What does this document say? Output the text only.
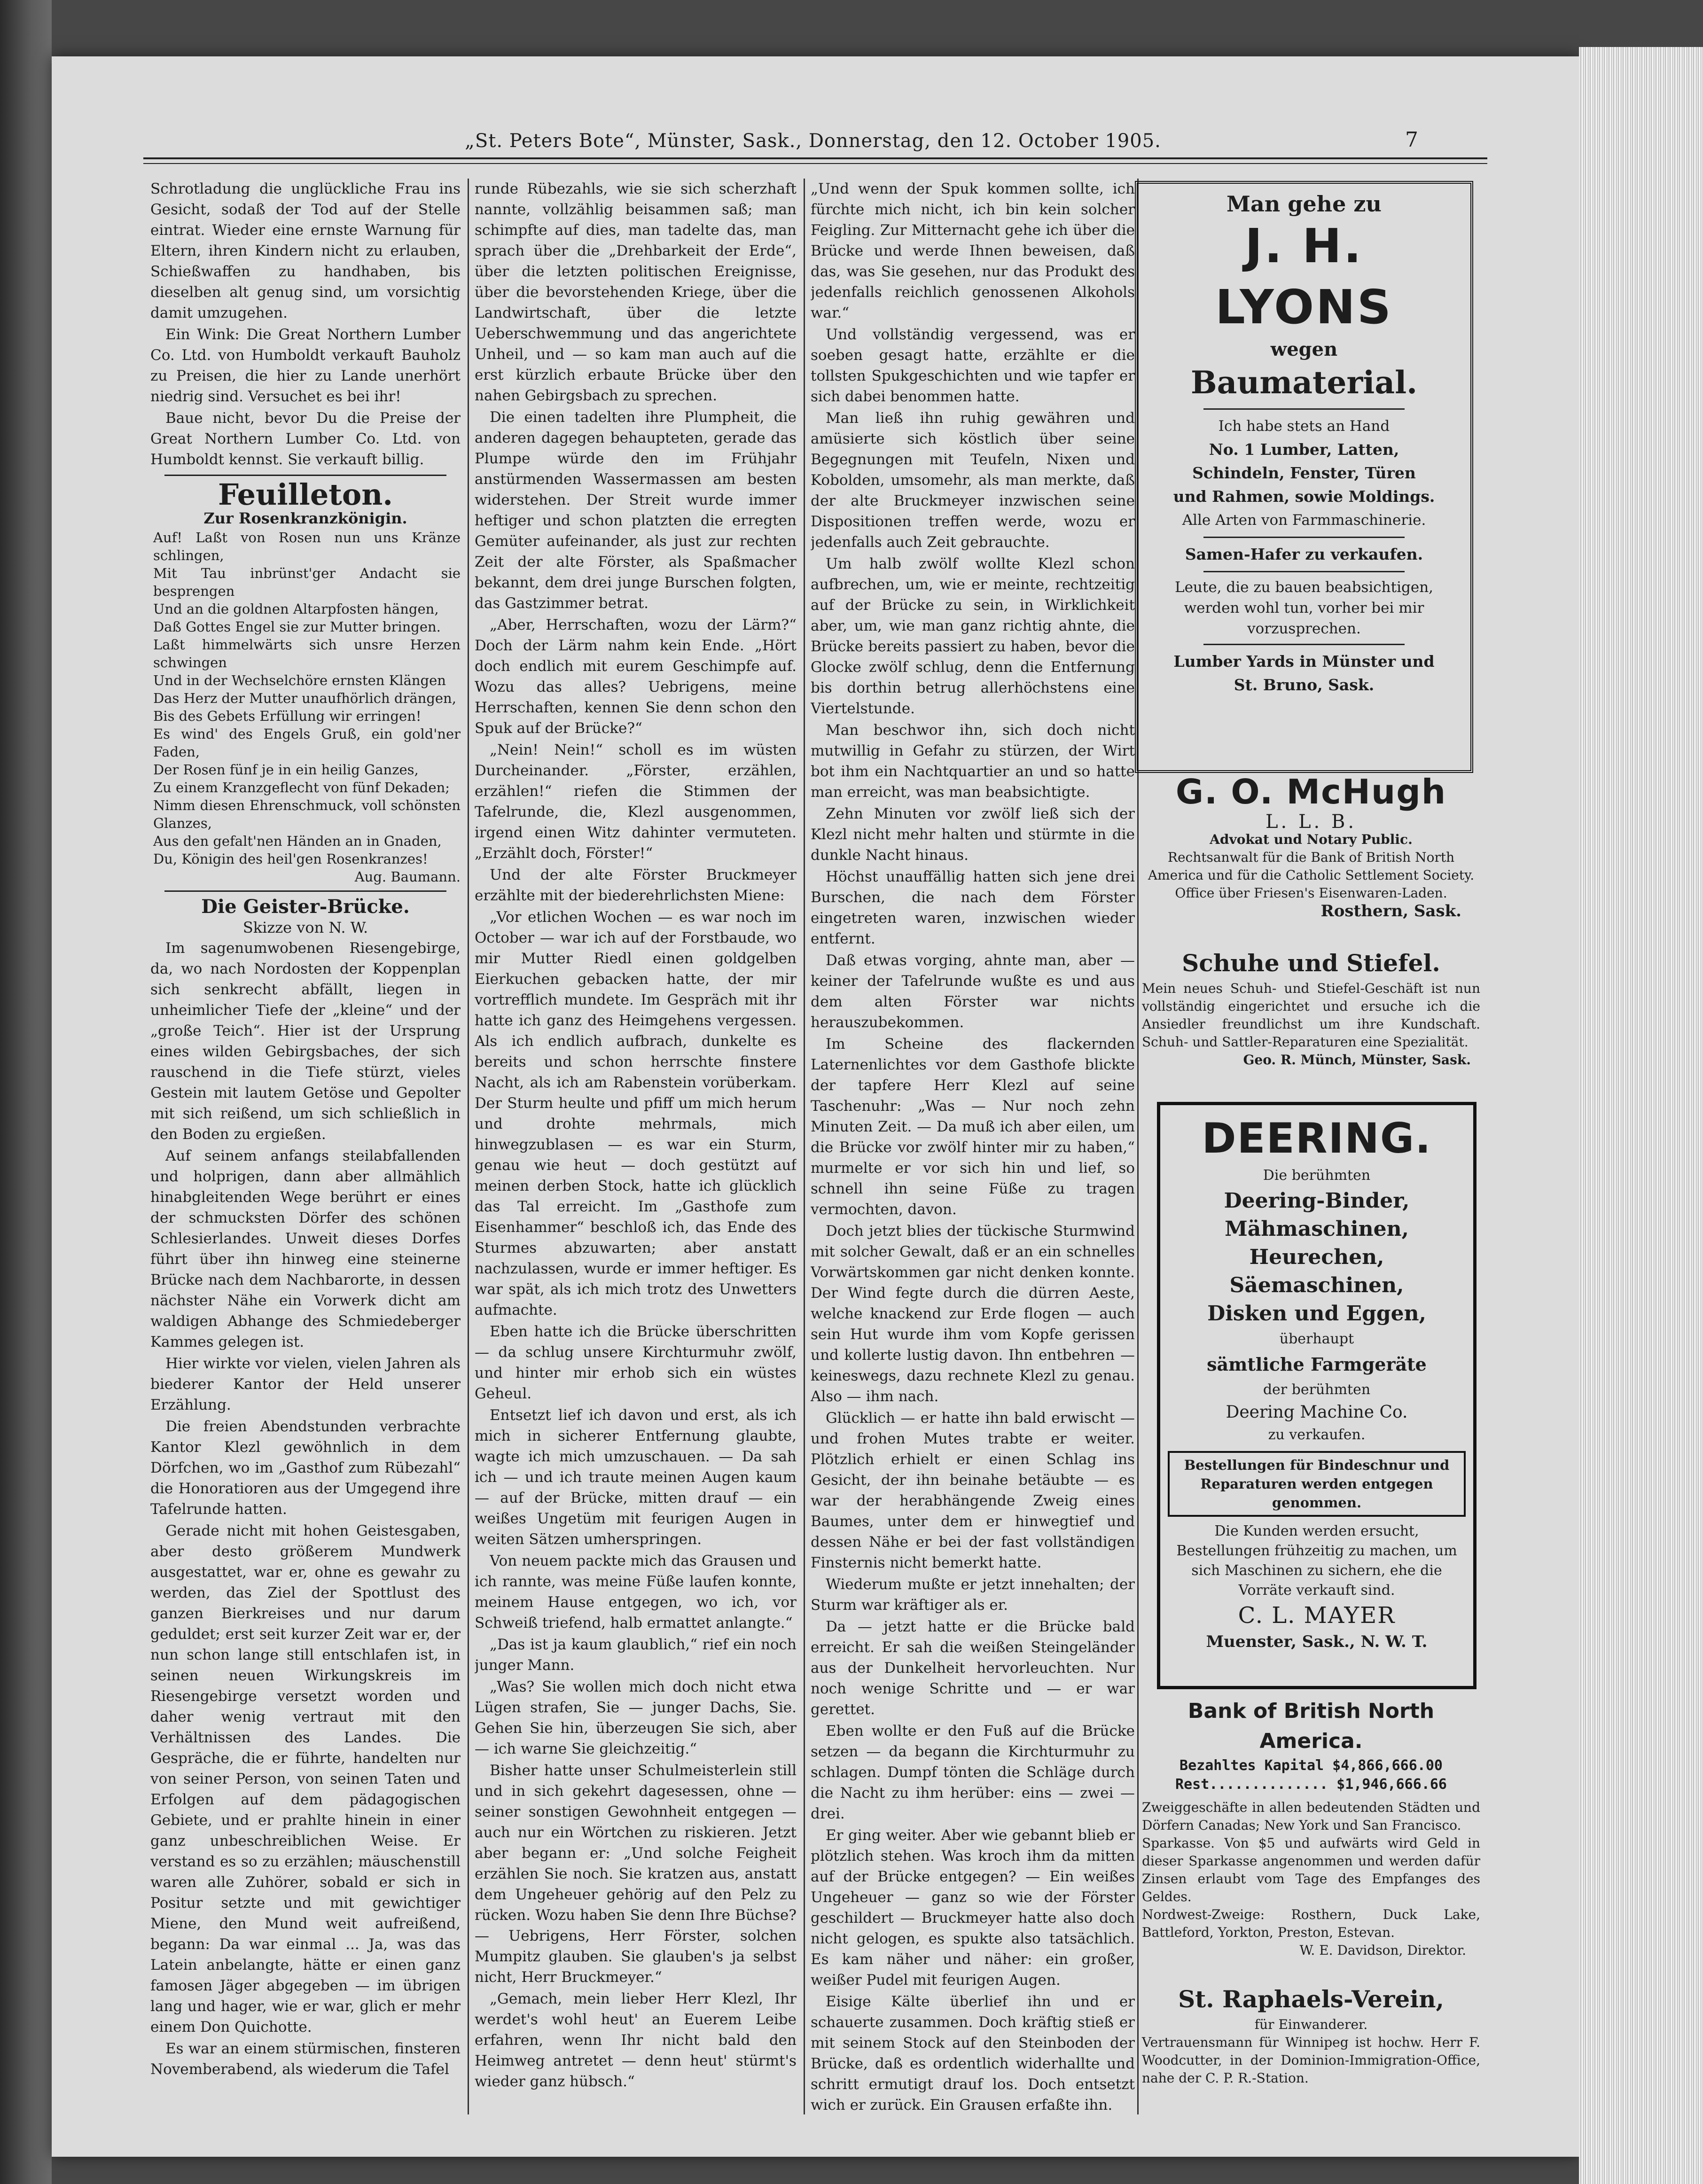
„St. Peters Bote“, Münster, Sask., Donnerstag, den 12. October 1905.	7

Schrotladung die unglückliche Frau ins Gesicht, sodaß der Tod auf der Stelle eintrat. Wieder eine ernste Warnung für Eltern, ihren Kindern nicht zu erlauben, Schießwaffen zu handhaben, bis dieselben alt genug sind, um vorsichtig damit umzugehen.

Ein Wink: Die Great Northern Lumber Co. Ltd. von Humboldt verkauft Bauholz zu Preisen, die hier zu Lande unerhört niedrig sind. Versuchet es bei ihr!

Baue nicht, bevor Du die Preise der Great Northern Lumber Co. Ltd. von Humboldt kennst. Sie verkauft billig.

Feuilleton.
Zur Rosenkranzkönigin.
Auf! Laßt von Rosen nun uns Kränze schlingen,
Mit Tau inbrünst'ger Andacht sie besprengen
Und an die goldnen Altarpfosten hängen,
Daß Gottes Engel sie zur Mutter bringen.
Laßt himmelwärts sich unsre Herzen schwingen
Und in der Wechselchöre ernsten Klängen
Das Herz der Mutter unaufhörlich drängen,
Bis des Gebets Erfüllung wir erringen!
Es wind' des Engels Gruß, ein gold'ner Faden,
Der Rosen fünf je in ein heilig Ganzes,
Zu einem Kranzgeflecht von fünf Dekaden;
Nimm diesen Ehrenschmuck, voll schönsten Glanzes,
Aus den gefalt'nen Händen an in Gnaden,
Du, Königin des heil'gen Rosenkranzes!
Aug. Baumann.
Die Geister-Brücke.
Skizze von N. W.

Im sagenumwobenen Riesengebirge, da, wo nach Nordosten der Koppenplan sich senkrecht abfällt, liegen in unheimlicher Tiefe der „kleine“ und der „große Teich“. Hier ist der Ursprung eines wilden Gebirgsbaches, der sich rauschend in die Tiefe stürzt, vieles Gestein mit lautem Getöse und Gepolter mit sich reißend, um sich schließlich in den Boden zu ergießen.

Auf seinem anfangs steilabfallenden und holprigen, dann aber allmählich hinabgleitenden Wege berührt er eines der schmucksten Dörfer des schönen Schlesierlandes. Unweit dieses Dorfes führt über ihn hinweg eine steinerne Brücke nach dem Nachbarorte, in dessen nächster Nähe ein Vorwerk dicht am waldigen Abhange des Schmiedeberger Kammes gelegen ist.

Hier wirkte vor vielen, vielen Jahren als biederer Kantor der Held unserer Erzählung.

Die freien Abendstunden verbrachte Kantor Klezl gewöhnlich in dem Dörfchen, wo im „Gasthof zum Rübezahl“ die Honoratioren aus der Umgegend ihre Tafelrunde hatten.

Gerade nicht mit hohen Geistesgaben, aber desto größerem Mundwerk ausgestattet, war er, ohne es gewahr zu werden, das Ziel der Spottlust des ganzen Bierkreises und nur darum geduldet; erst seit kurzer Zeit war er, der nun schon lange still entschlafen ist, in seinen neuen Wirkungskreis im Riesengebirge versetzt worden und daher wenig vertraut mit den Verhältnissen des Landes. Die Gespräche, die er führte, handelten nur von seiner Person, von seinen Taten und Erfolgen auf dem pädagogischen Gebiete, und er prahlte hinein in einer ganz unbeschreiblichen Weise. Er verstand es so zu erzählen; mäuschenstill waren alle Zuhörer, sobald er sich in Positur setzte und mit gewichtiger Miene, den Mund weit aufreißend, begann: Da war einmal ... Ja, was das Latein anbelangte, hätte er einen ganz famosen Jäger abgegeben — im übrigen lang und hager, wie er war, glich er mehr einem Don Quichotte.

Es war an einem stürmischen, finsteren Novemberabend, als wiederum die Tafel

runde Rübezahls, wie sie sich scherzhaft nannte, vollzählig beisammen saß; man schimpfte auf dies, man tadelte das, man sprach über die „Drehbarkeit der Erde“, über die letzten politischen Ereignisse, über die bevorstehenden Kriege, über die Landwirtschaft, über die letzte Ueberschwemmung und das angerichtete Unheil, und — so kam man auch auf die erst kürzlich erbaute Brücke über den nahen Gebirgsbach zu sprechen.

Die einen tadelten ihre Plumpheit, die anderen dagegen behaupteten, gerade das Plumpe würde den im Frühjahr anstürmenden Wassermassen am besten widerstehen. Der Streit wurde immer heftiger und schon platzten die erregten Gemüter aufeinander, als just zur rechten Zeit der alte Förster, als Spaßmacher bekannt, dem drei junge Burschen folgten, das Gastzimmer betrat.

„Aber, Herrschaften, wozu der Lärm?“ Doch der Lärm nahm kein Ende. „Hört doch endlich mit eurem Geschimpfe auf. Wozu das alles? Uebrigens, meine Herrschaften, kennen Sie denn schon den Spuk auf der Brücke?“

„Nein! Nein!“ scholl es im wüsten Durcheinander. „Förster, erzählen, erzählen!“ riefen die Stimmen der Tafelrunde, die, Klezl ausgenommen, irgend einen Witz dahinter vermuteten. „Erzählt doch, Förster!“

Und der alte Förster Bruckmeyer erzählte mit der biederehrlichsten Miene:

„Vor etlichen Wochen — es war noch im October — war ich auf der Forstbaude, wo mir Mutter Riedl einen goldgelben Eierkuchen gebacken hatte, der mir vortrefflich mundete. Im Gespräch mit ihr hatte ich ganz des Heimgehens vergessen. Als ich endlich aufbrach, dunkelte es bereits und schon herrschte finstere Nacht, als ich am Rabenstein vorüberkam. Der Sturm heulte und pfiff um mich herum und drohte mehrmals, mich hinwegzublasen — es war ein Sturm, genau wie heut — doch gestützt auf meinen derben Stock, hatte ich glücklich das Tal erreicht. Im „Gasthofe zum Eisenhammer“ beschloß ich, das Ende des Sturmes abzuwarten; aber anstatt nachzulassen, wurde er immer heftiger. Es war spät, als ich mich trotz des Unwetters aufmachte.

Eben hatte ich die Brücke überschritten — da schlug unsere Kirchturmuhr zwölf, und hinter mir erhob sich ein wüstes Geheul.

Entsetzt lief ich davon und erst, als ich mich in sicherer Entfernung glaubte, wagte ich mich umzuschauen. — Da sah ich — und ich traute meinen Augen kaum — auf der Brücke, mitten drauf — ein weißes Ungetüm mit feurigen Augen in weiten Sätzen umherspringen.

Von neuem packte mich das Grausen und ich rannte, was meine Füße laufen konnte, meinem Hause entgegen, wo ich, vor Schweiß triefend, halb ermattet anlangte.“

„Das ist ja kaum glaublich,“ rief ein noch junger Mann.

„Was? Sie wollen mich doch nicht etwa Lügen strafen, Sie — junger Dachs, Sie. Gehen Sie hin, überzeugen Sie sich, aber — ich warne Sie gleichzeitig.“

Bisher hatte unser Schulmeisterlein still und in sich gekehrt dagesessen, ohne — seiner sonstigen Gewohnheit entgegen — auch nur ein Wörtchen zu riskieren. Jetzt aber begann er: „Und solche Feigheit erzählen Sie noch. Sie kratzen aus, anstatt dem Ungeheuer gehörig auf den Pelz zu rücken. Wozu haben Sie denn Ihre Büchse? — Uebrigens, Herr Förster, solchen Mumpitz glauben. Sie glauben's ja selbst nicht, Herr Bruckmeyer.“

„Gemach, mein lieber Herr Klezl, Ihr werdet's wohl heut' an Euerem Leibe erfahren, wenn Ihr nicht bald den Heimweg antretet — denn heut' stürmt's wieder ganz hübsch.“

„Und wenn der Spuk kommen sollte, ich fürchte mich nicht, ich bin kein solcher Feigling. Zur Mitternacht gehe ich über die Brücke und werde Ihnen beweisen, daß das, was Sie gesehen, nur das Produkt des jedenfalls reichlich genossenen Alkohols war.“

Und vollständig vergessend, was er soeben gesagt hatte, erzählte er die tollsten Spukgeschichten und wie tapfer er sich dabei benommen hatte.

Man ließ ihn ruhig gewähren und amüsierte sich köstlich über seine Begegnungen mit Teufeln, Nixen und Kobolden, umsomehr, als man merkte, daß der alte Bruckmeyer inzwischen seine Dispositionen treffen werde, wozu er jedenfalls auch Zeit gebrauchte.

Um halb zwölf wollte Klezl schon aufbrechen, um, wie er meinte, rechtzeitig auf der Brücke zu sein, in Wirklichkeit aber, um, wie man ganz richtig ahnte, die Brücke bereits passiert zu haben, bevor die Glocke zwölf schlug, denn die Entfernung bis dorthin betrug allerhöchstens eine Viertelstunde.

Man beschwor ihn, sich doch nicht mutwillig in Gefahr zu stürzen, der Wirt bot ihm ein Nachtquartier an und so hatte man erreicht, was man beabsichtigte.

Zehn Minuten vor zwölf ließ sich der Klezl nicht mehr halten und stürmte in die dunkle Nacht hinaus.

Höchst unauffällig hatten sich jene drei Burschen, die nach dem Förster eingetreten waren, inzwischen wieder entfernt.

Daß etwas vorging, ahnte man, aber — keiner der Tafelrunde wußte es und aus dem alten Förster war nichts herauszubekommen.

Im Scheine des flackernden Laternenlichtes vor dem Gasthofe blickte der tapfere Herr Klezl auf seine Taschenuhr: „Was — Nur noch zehn Minuten Zeit. — Da muß ich aber eilen, um die Brücke vor zwölf hinter mir zu haben,“ murmelte er vor sich hin und lief, so schnell ihn seine Füße zu tragen vermochten, davon.

Doch jetzt blies der tückische Sturmwind mit solcher Gewalt, daß er an ein schnelles Vorwärtskommen gar nicht denken konnte. Der Wind fegte durch die dürren Aeste, welche knackend zur Erde flogen — auch sein Hut wurde ihm vom Kopfe gerissen und kollerte lustig davon. Ihn entbehren — keineswegs, dazu rechnete Klezl zu genau. Also — ihm nach.

Glücklich — er hatte ihn bald erwischt — und frohen Mutes trabte er weiter. Plötzlich erhielt er einen Schlag ins Gesicht, der ihn beinahe betäubte — es war der herabhängende Zweig eines Baumes, unter dem er hinwegtief und dessen Nähe er bei der fast vollständigen Finsternis nicht bemerkt hatte.

Wiederum mußte er jetzt innehalten; der Sturm war kräftiger als er.

Da — jetzt hatte er die Brücke bald erreicht. Er sah die weißen Steingeländer aus der Dunkelheit hervorleuchten. Nur noch wenige Schritte und — er war gerettet.

Eben wollte er den Fuß auf die Brücke setzen — da begann die Kirchturmuhr zu schlagen. Dumpf tönten die Schläge durch die Nacht zu ihm herüber: eins — zwei — drei.

Er ging weiter. Aber wie gebannt blieb er plötzlich stehen. Was kroch ihm da mitten auf der Brücke entgegen? — Ein weißes Ungeheuer — ganz so wie der Förster geschildert — Bruckmeyer hatte also doch nicht gelogen, es spukte also tatsächlich. Es kam näher und näher: ein großer, weißer Pudel mit feurigen Augen.

Eisige Kälte überlief ihn und er schauerte zusammen. Doch kräftig stieß er mit seinem Stock auf den Steinboden der Brücke, daß es ordentlich widerhallte und schritt ermutigt drauf los. Doch entsetzt wich er zurück. Ein Grausen erfaßte ihn.

Man gehe zu
J. H. LYONS
wegen
Baumaterial.
Ich habe stets an Hand
No. 1 Lumber, Latten,
Schindeln, Fenster, Türen
und Rahmen, sowie Moldings.
Alle Arten von Farmmaschinerie.
Samen-Hafer zu verkaufen.
Leute, die zu bauen beabsichtigen, werden wohl tun, vorher bei mir vorzusprechen.
Lumber Yards in Münster und
St. Bruno, Sask.
G. O. McHugh
L. L. B.
Advokat und Notary Public.
Rechtsanwalt für die Bank of British North America und für die Catholic Settlement Society.
Office über Friesen's Eisenwaren-Laden.
Rosthern, Sask.
Schuhe und Stiefel.
Mein neues Schuh- und Stiefel-Geschäft ist nun vollständig eingerichtet und ersuche ich die Ansiedler freundlichst um ihre Kundschaft. Schuh- und Sattler-Reparaturen eine Spezialität.
Geo. R. Münch, Münster, Sask.
DEERING.
Die berühmten
Deering-Binder, Mähmaschinen,
Heurechen, Säemaschinen,
Disken und Eggen,
überhaupt
sämtliche Farmgeräte
der berühmten
Deering Machine Co.
zu verkaufen.
Bestellungen für Bindeschnur und Reparaturen werden entgegen genommen.
Die Kunden werden ersucht, Bestellungen frühzeitig zu machen, um sich Maschinen zu sichern, ehe die Vorräte verkauft sind.
C. L. MAYER
Muenster, Sask., N. W. T.
Bank of British North America.
Bezahltes Kapital $4,866,666.00
Rest.............. $1,946,666.66
Zweiggeschäfte in allen bedeutenden Städten und Dörfern Canadas; New York und San Francisco.
Sparkasse. Von $5 und aufwärts wird Geld in dieser Sparkasse angenommen und werden dafür Zinsen erlaubt vom Tage des Empfanges des Geldes.
Nordwest-Zweige: Rosthern, Duck Lake, Battleford, Yorkton, Preston, Estevan.
W. E. Davidson, Direktor.
St. Raphaels-Verein,
für Einwanderer.
Vertrauensmann für Winnipeg ist hochw. Herr F. Woodcutter, in der Dominion-Immigration-Office, nahe der C. P. R.-Station.
